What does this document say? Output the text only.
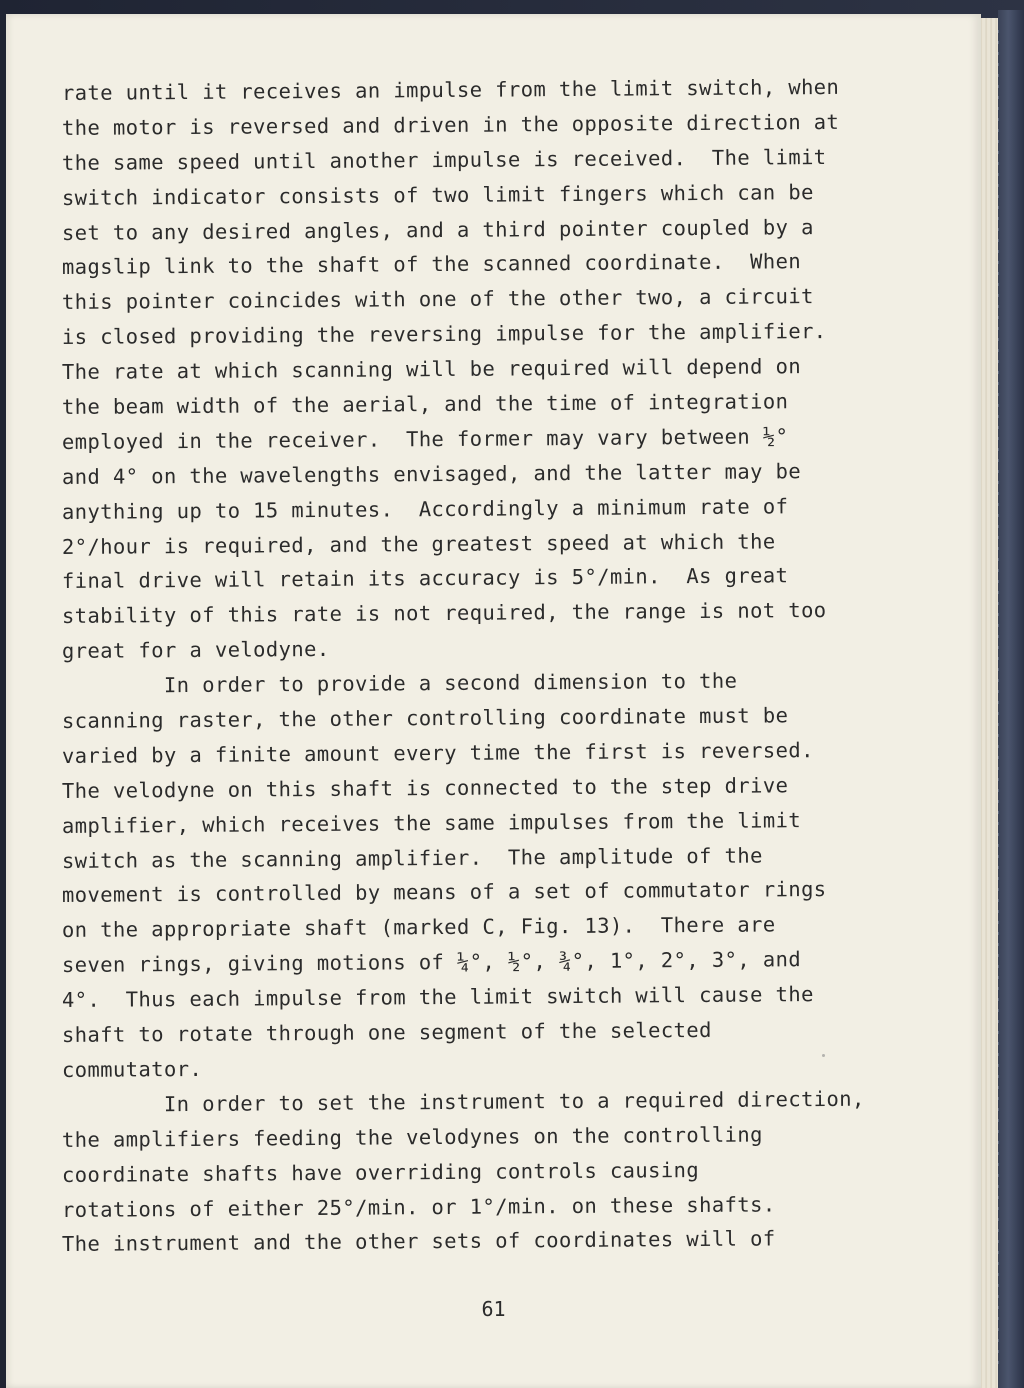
rate until it receives an impulse from the limit switch, when
the motor is reversed and driven in the opposite direction at
the same speed until another impulse is received.  The limit
switch indicator consists of two limit fingers which can be
set to any desired angles, and a third pointer coupled by a
magslip link to the shaft of the scanned coordinate.  When
this pointer coincides with one of the other two, a circuit
is closed providing the reversing impulse for the amplifier.
The rate at which scanning will be required will depend on
the beam width of the aerial, and the time of integration
employed in the receiver.  The former may vary between ½°
and 4° on the wavelengths envisaged, and the latter may be
anything up to 15 minutes.  Accordingly a minimum rate of
2°/hour is required, and the greatest speed at which the
final drive will retain its accuracy is 5°/min.  As great
stability of this rate is not required, the range is not too
great for a velodyne.
In order to provide a second dimension to the
scanning raster, the other controlling coordinate must be
varied by a finite amount every time the first is reversed.
The velodyne on this shaft is connected to the step drive
amplifier, which receives the same impulses from the limit
switch as the scanning amplifier.  The amplitude of the
movement is controlled by means of a set of commutator rings
on the appropriate shaft (marked C, Fig. 13).  There are
seven rings, giving motions of ¼°, ½°, ¾°, 1°, 2°, 3°, and
4°.  Thus each impulse from the limit switch will cause the
shaft to rotate through one segment of the selected
commutator.
In order to set the instrument to a required direction,
the amplifiers feeding the velodynes on the controlling
coordinate shafts have overriding controls causing
rotations of either 25°/min. or 1°/min. on these shafts.
The instrument and the other sets of coordinates will of
61
